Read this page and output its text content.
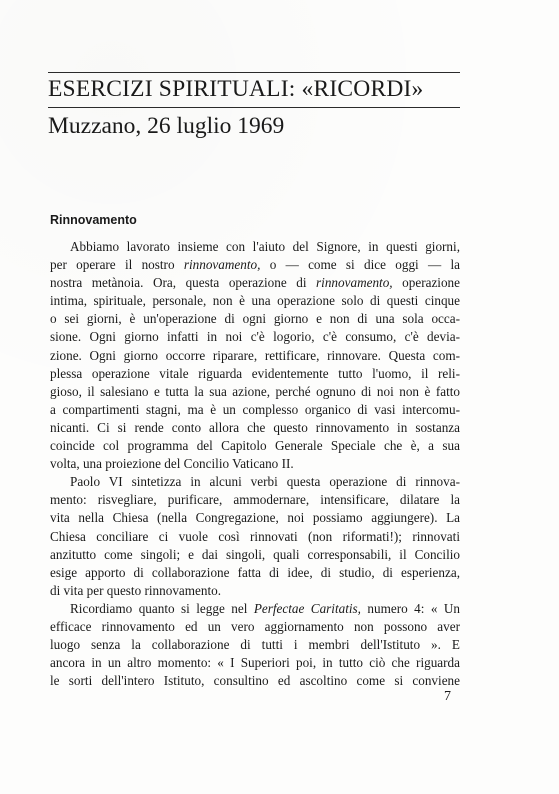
ESERCIZI SPIRITUALI: «RICORDI»
Muzzano, 26 luglio 1969
Rinnovamento
Abbiamo lavorato insieme con l'aiuto del Signore, in questi giorni,
per operare il nostro rinnovamento, o — come si dice oggi — la
nostra metànoia. Ora, questa operazione di rinnovamento, operazione
intima, spirituale, personale, non è una operazione solo di questi cinque
o sei giorni, è un'operazione di ogni giorno e non di una sola occa-
sione. Ogni giorno infatti in noi c'è logorio, c'è consumo, c'è devia-
zione. Ogni giorno occorre riparare, rettificare, rinnovare. Questa com-
plessa operazione vitale riguarda evidentemente tutto l'uomo, il reli-
gioso, il salesiano e tutta la sua azione, perché ognuno di noi non è fatto
a compartimenti stagni, ma è un complesso organico di vasi intercomu-
nicanti. Ci si rende conto allora che questo rinnovamento in sostanza
coincide col programma del Capitolo Generale Speciale che è, a sua
volta, una proiezione del Concilio Vaticano II.
Paolo VI sintetizza in alcuni verbi questa operazione di rinnova-
mento: risvegliare, purificare, ammodernare, intensificare, dilatare la
vita nella Chiesa (nella Congregazione, noi possiamo aggiungere). La
Chiesa conciliare ci vuole così rinnovati (non riformati!); rinnovati
anzitutto come singoli; e dai singoli, quali corresponsabili, il Concilio
esige apporto di collaborazione fatta di idee, di studio, di esperienza,
di vita per questo rinnovamento.
Ricordiamo quanto si legge nel Perfectae Caritatis, numero 4: « Un
efficace rinnovamento ed un vero aggiornamento non possono aver
luogo senza la collaborazione di tutti i membri dell'Istituto ». E
ancora in un altro momento: « I Superiori poi, in tutto ciò che riguarda
le sorti dell'intero Istituto, consultino ed ascoltino come si conviene
7
